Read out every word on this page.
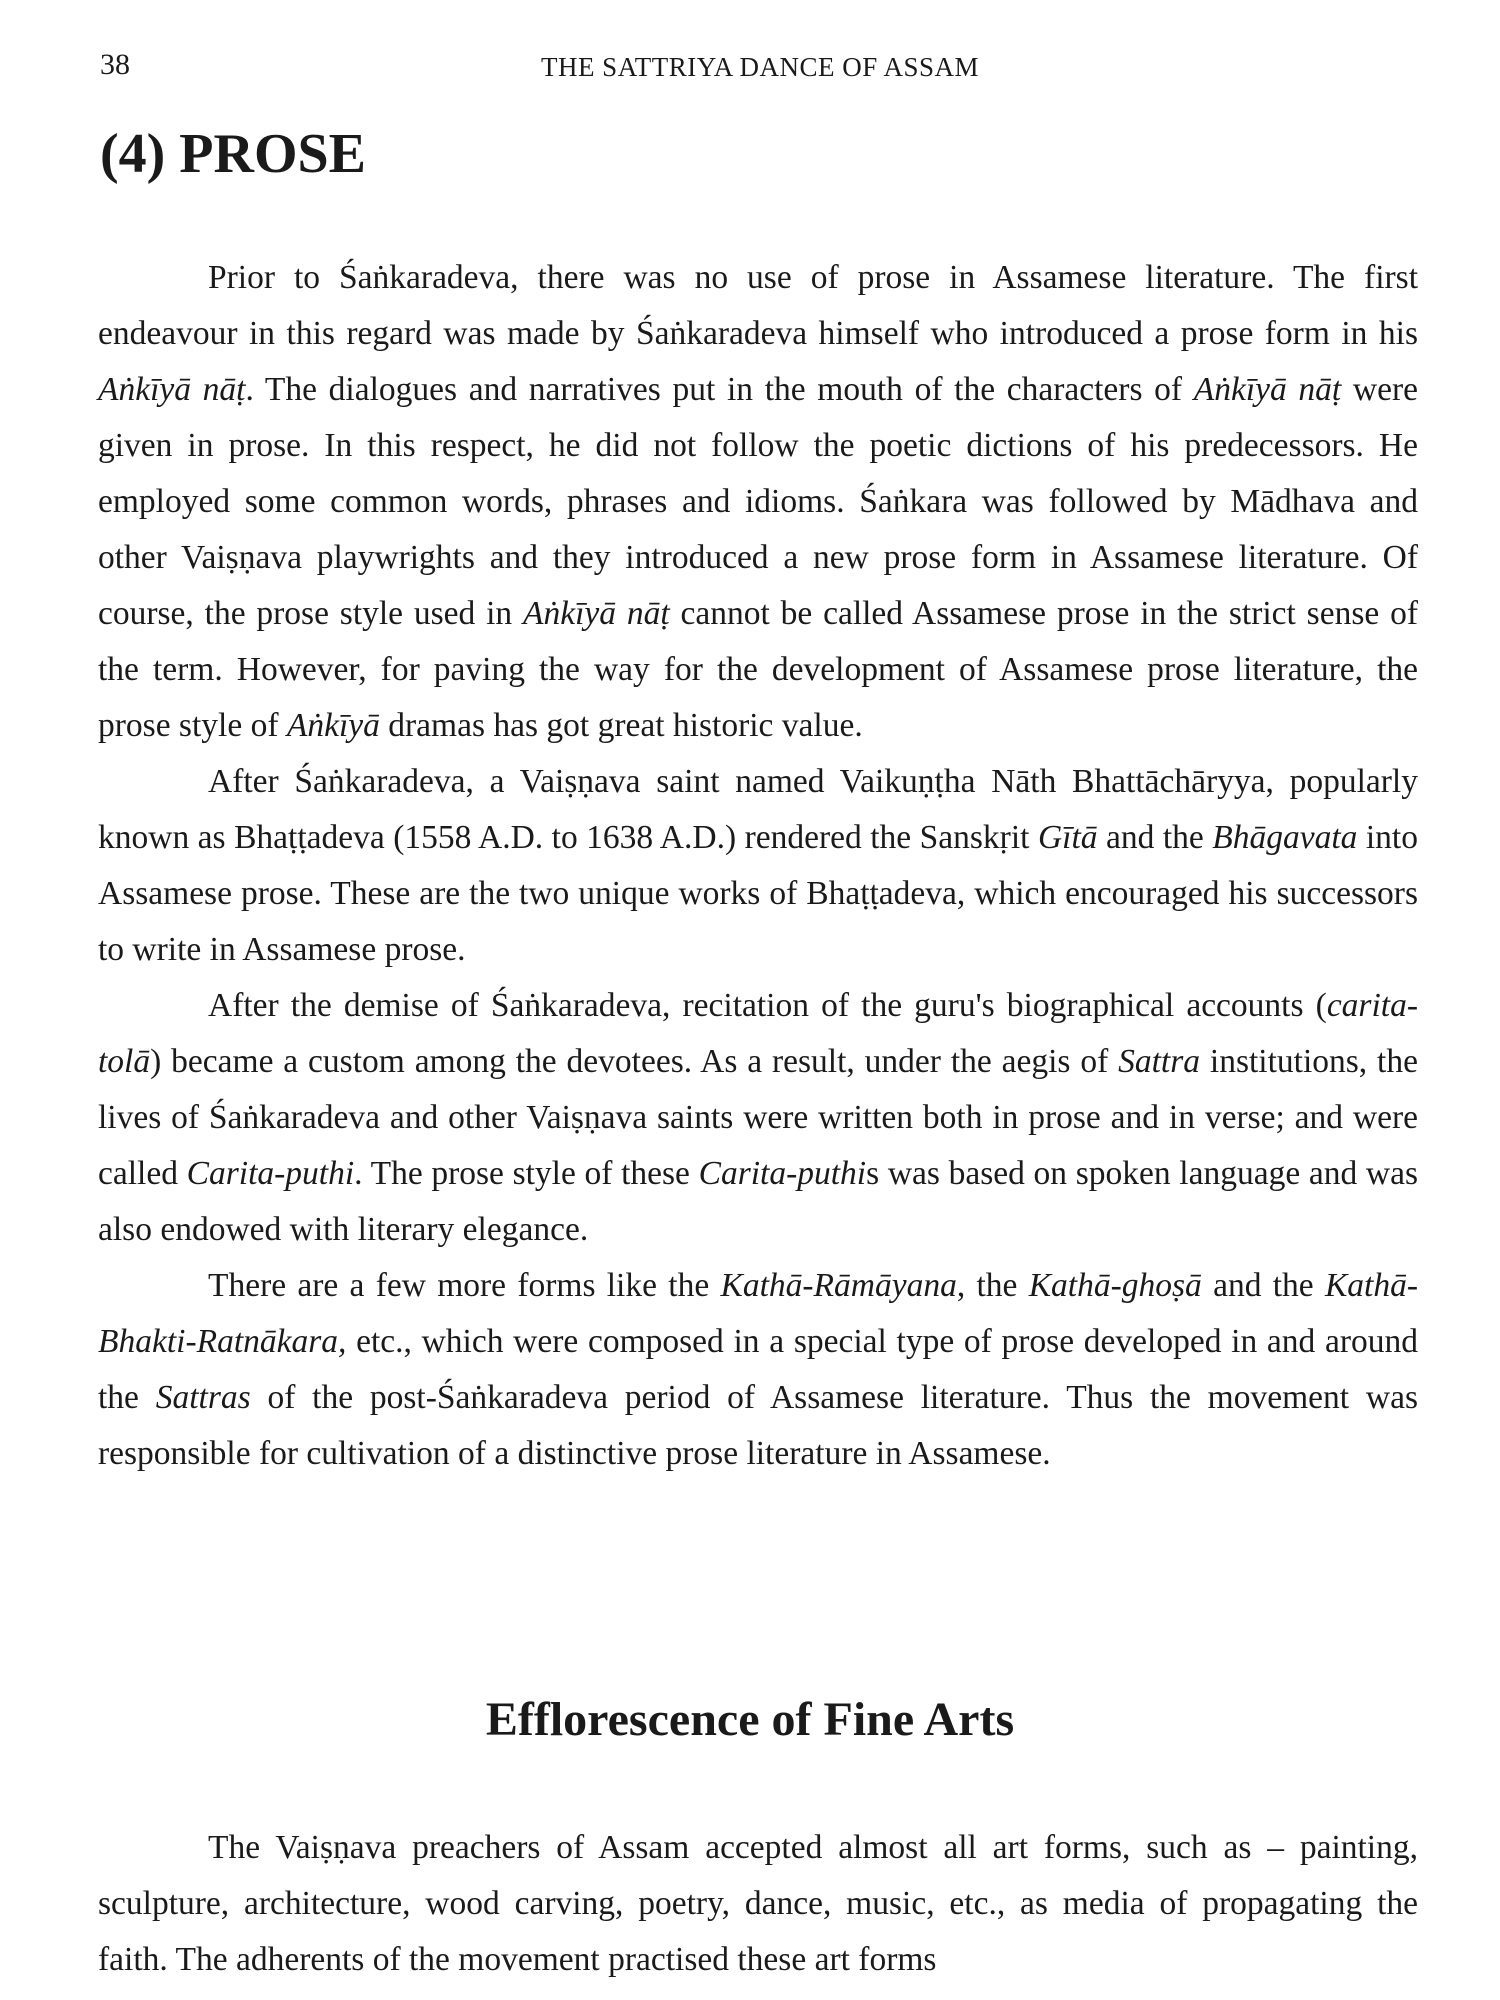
38	THE SATTRIYA DANCE OF ASSAM
(4) PROSE

Prior to Śaṅkaradeva, there was no use of prose in Assamese literature. The first endeavour in this regard was made by Śaṅkaradeva himself who introduced a prose form in his Aṅkīyā nāṭ. The dialogues and narratives put in the mouth of the characters of Aṅkīyā nāṭ were given in prose. In this respect, he did not follow the poetic dictions of his predecessors. He employed some common words, phrases and idioms. Śaṅkara was followed by Mādhava and other Vaiṣṇava playwrights and they introduced a new prose form in Assamese literature. Of course, the prose style used in Aṅkīyā nāṭ cannot be called Assamese prose in the strict sense of the term. However, for paving the way for the development of Assamese prose literature, the prose style of Aṅkīyā dramas has got great historic value.

After Śaṅkaradeva, a Vaiṣṇava saint named Vaikuṇṭha Nāth Bhattāchāryya, popularly known as Bhaṭṭadeva (1558 A.D. to 1638 A.D.) rendered the Sanskṛit Gītā and the Bhāgavata into Assamese prose. These are the two unique works of Bhaṭṭadeva, which encouraged his successors to write in Assamese prose.

After the demise of Śaṅkaradeva, recitation of the guru's biographical accounts (carita-tolā) became a custom among the devotees. As a result, under the aegis of Sattra institutions, the lives of Śaṅkaradeva and other Vaiṣṇava saints were written both in prose and in verse; and were called Carita-puthi. The prose style of these Carita-puthis was based on spoken language and was also endowed with literary elegance.

There are a few more forms like the Kathā-Rāmāyana, the Kathā-ghoṣā and the Kathā-Bhakti-Ratnākara, etc., which were composed in a special type of prose developed in and around the Sattras of the post-Śaṅkaradeva period of Assamese literature. Thus the movement was responsible for cultivation of a distinctive prose literature in Assamese.

Efflorescence of Fine Arts

The Vaiṣṇava preachers of Assam accepted almost all art forms, such as – painting, sculpture, architecture, wood carving, poetry, dance, music, etc., as media of propagating the faith. The adherents of the movement practised these art forms
